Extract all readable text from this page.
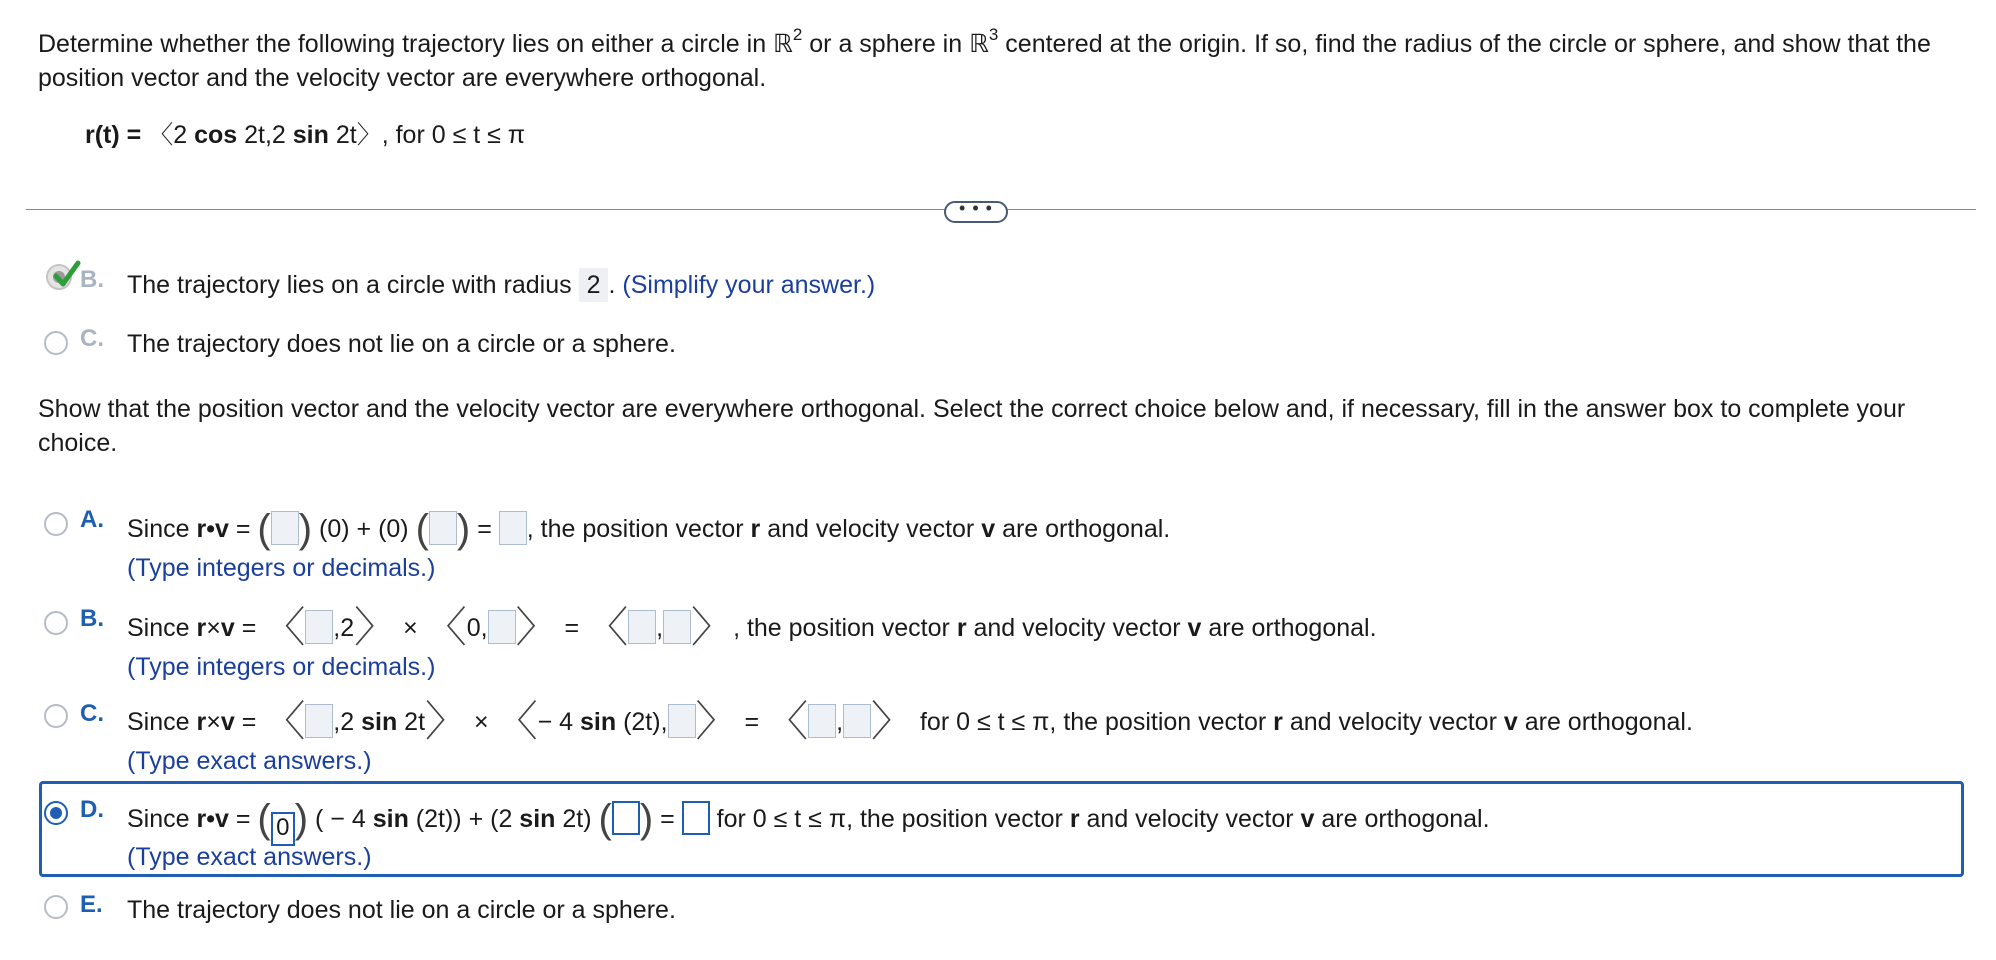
Determine whether the following trajectory lies on either a circle in ℝ$^2$ or a sphere in ℝ$^3$ centered at the origin. If so, find the radius of the circle or sphere, and show that the position vector and the velocity vector are everywhere orthogonal.
r(t) = 〈2 cos 2t,2 sin 2t〉, for 0 ≤ t ≤ π
• • •
B. The trajectory lies on a circle with radius 2 . (Simplify your answer.)
C. The trajectory does not lie on a circle or a sphere.
Show that the position vector and the velocity vector are everywhere orthogonal. Select the correct choice below and, if necessary, fill in the answer box to complete your choice.
A. Since r•v = ( ) (0) + (0) ( ) = , the position vector r and velocity vector v are orthogonal.
(Type integers or decimals.)
B. Since r×v = 〈 ,2〉 × 〈0, 〉 = 〈 , 〉, the position vector r and velocity vector v are orthogonal.
(Type integers or decimals.)
C. Since r×v = 〈 ,2 sin 2t〉 × 〈− 4 sin (2t), 〉 = 〈 , 〉 for 0 ≤ t ≤ π, the position vector r and velocity vector v are orthogonal.
(Type exact answers.)
D. Since r•v = ( 0 ) ( − 4 sin (2t)) + (2 sin 2t) ( ) = for 0 ≤ t ≤ π, the position vector r and velocity vector v are orthogonal.
(Type exact answers.)
E. The trajectory does not lie on a circle or a sphere.
